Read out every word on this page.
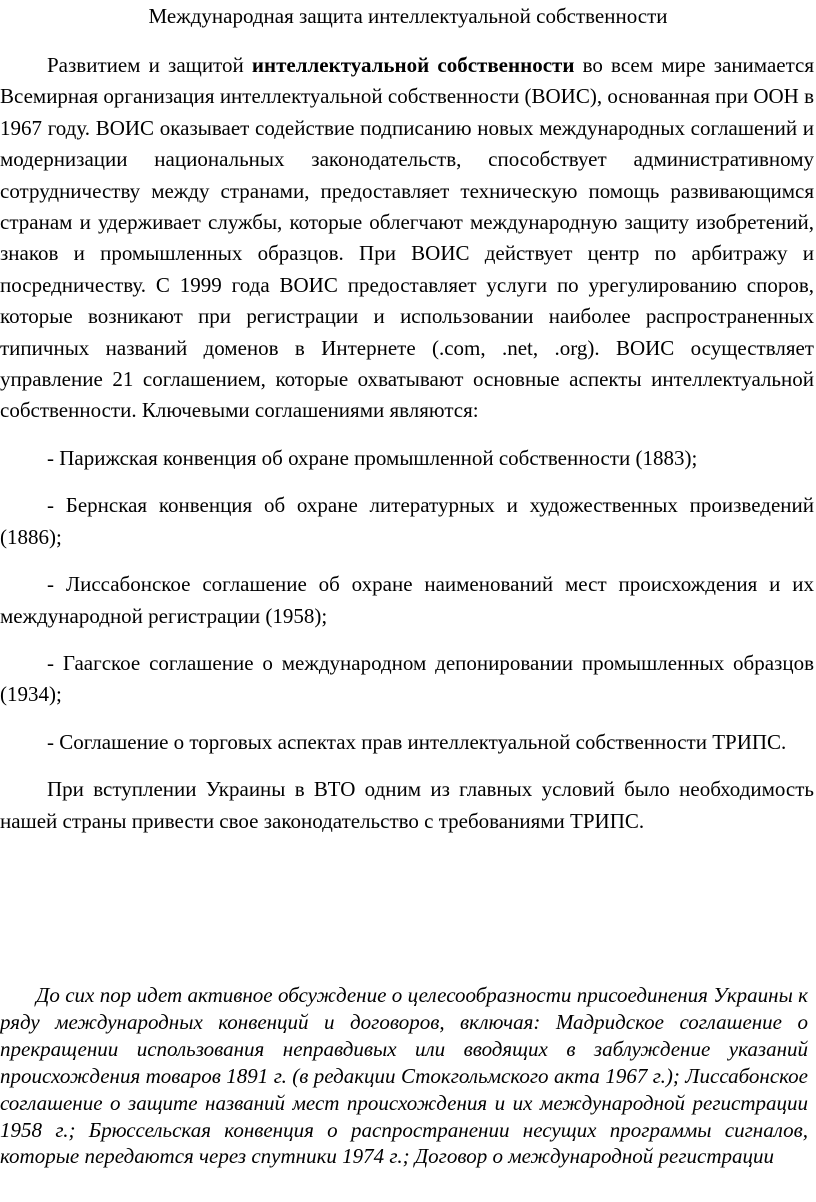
Международная защита интеллектуальной собственности

Развитием и защитой интеллектуальной собственности во всем мире занимается Всемирная организация интеллектуальной собственности (ВОИС), основанная при ООН в 1967 году. ВОИС оказывает содействие подписанию новых международных соглашений и модернизации национальных законодательств, способствует административному сотрудничеству между странами, предоставляет техническую помощь развивающимся странам и удерживает службы, которые облегчают международную защиту изобретений, знаков и промышленных образцов. При ВОИС действует центр по арбитражу и посредничеству. С 1999 года ВОИС предоставляет услуги по урегулированию споров, которые возникают при регистрации и использовании наиболее распространенных типичных названий доменов в Интернете (.com, .net, .org). ВОИС осуществляет управление 21 соглашением, которые охватывают основные аспекты интеллектуальной собственности. Ключевыми соглашениями являются:

- Парижская конвенция об охране промышленной собственности (1883);

- Бернская конвенция об охране литературных и художественных произведений (1886);

- Лиссабонское соглашение об охране наименований мест происхождения и их международной регистрации (1958);

- Гаагское соглашение о международном депонировании промышленных образцов (1934);

- Соглашение о торговых аспектах прав интеллектуальной собственности ТРИПС.

При вступлении Украины в ВТО одним из главных условий было необходимость нашей страны привести свое законодательство с требованиями ТРИПС.

До сих пор идет активное обсуждение о целесообразности присоединения Украины к ряду международных конвенций и договоров, включая: Мадридское соглашение о прекращении использования неправдивых или вводящих в заблуждение указаний происхождения товаров 1891 г. (в редакции Стокгольмского акта 1967 г.); Лиссабонское соглашение о защите названий мест происхождения и их международной регистрации 1958 г.; Брюссельская конвенция о распространении несущих программы сигналов, которые передаются через спутники 1974 г.; Договор о международной регистрации
